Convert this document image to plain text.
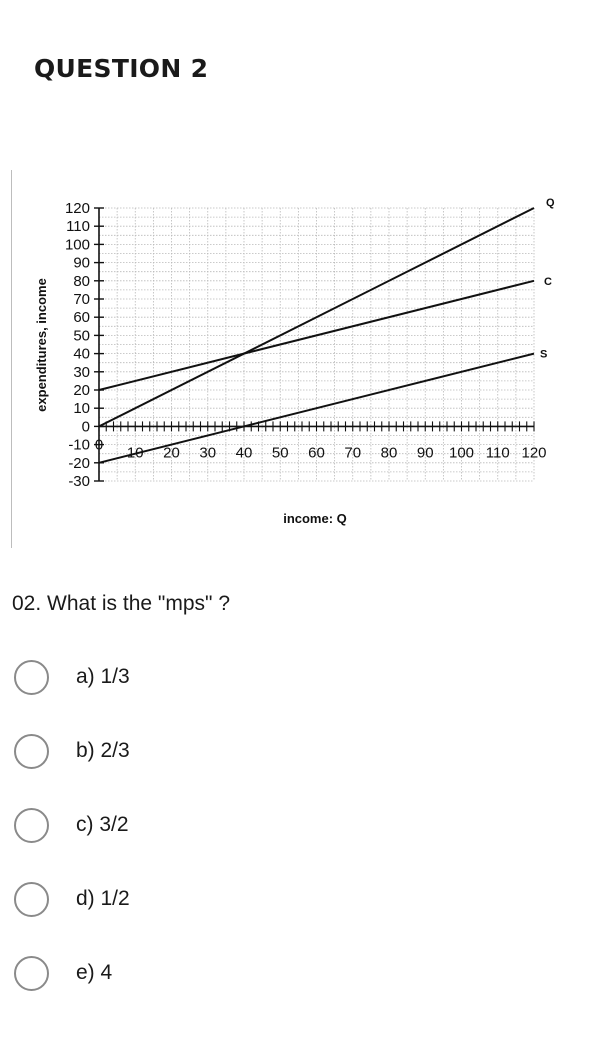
QUESTION 2
120
110
100
90
80
70
60
50
40
30
20
10
0
-10
-20
-30
0 10 20 30 40 50 60 70 80 90 100 110 120
Q
C
S
expenditures, income
income: Q
02. What is the "mps" ?
a) 1/3
b) 2/3
c) 3/2
d) 1/2
e) 4
